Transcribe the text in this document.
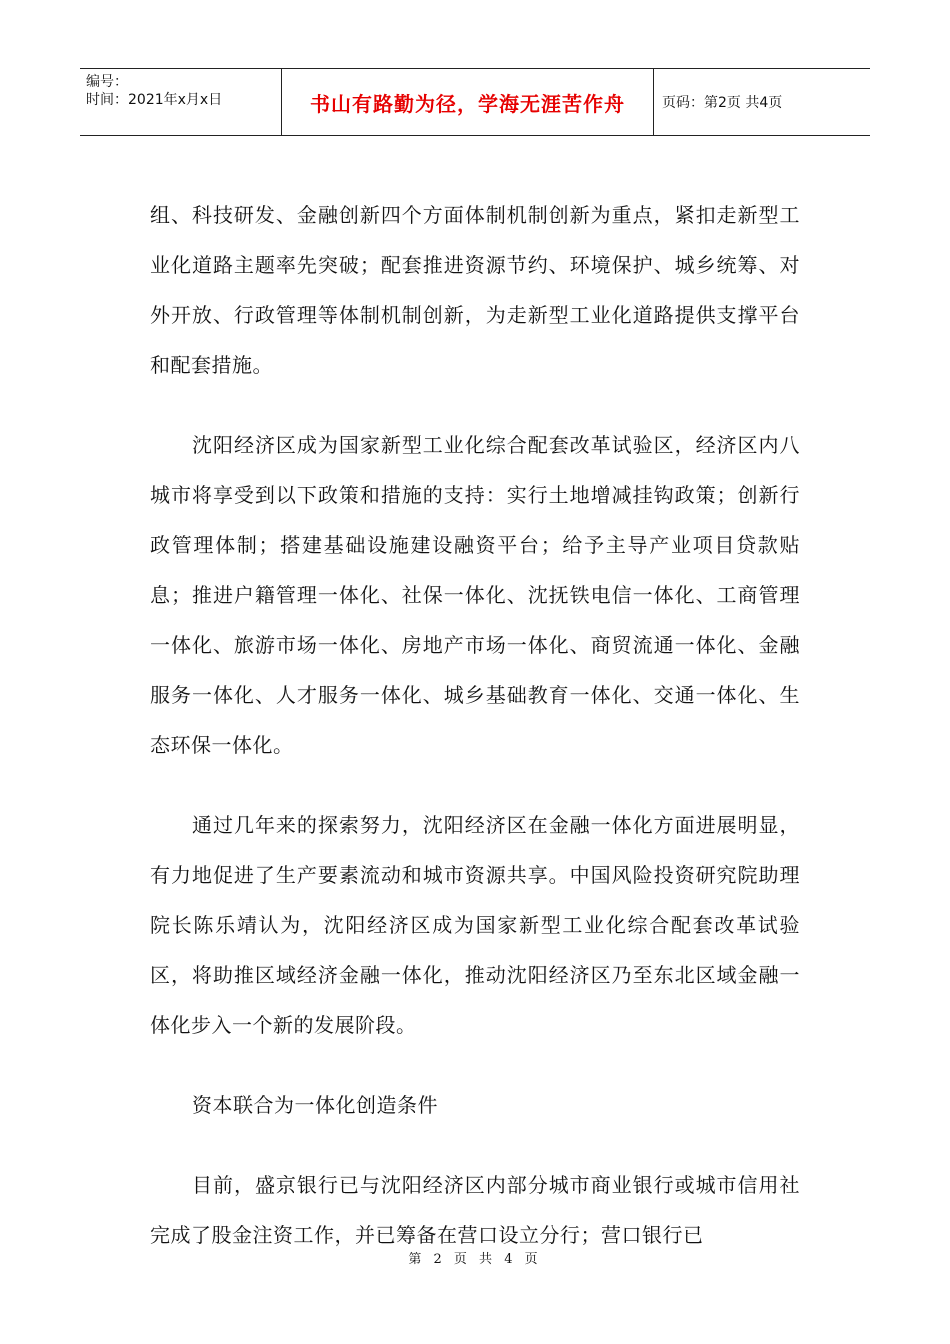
编号：
时间：2021年x月x日	书山有路勤为径，学海无涯苦作舟	页码：第2页 共4页

组、科技研发、金融创新四个方面体制机制创新为重点，紧扣走新型工业化道路主题率先突破；配套推进资源节约、环境保护、城乡统筹、对外开放、行政管理等体制机制创新，为走新型工业化道路提供支撑平台和配套措施。

沈阳经济区成为国家新型工业化综合配套改革试验区，经济区内八城市将享受到以下政策和措施的支持：实行土地增减挂钩政策；创新行政管理体制；搭建基础设施建设融资平台；给予主导产业项目贷款贴息；推进户籍管理一体化、社保一体化、沈抚铁电信一体化、工商管理一体化、旅游市场一体化、房地产市场一体化、商贸流通一体化、金融服务一体化、人才服务一体化、城乡基础教育一体化、交通一体化、生态环保一体化。

通过几年来的探索努力，沈阳经济区在金融一体化方面进展明显，有力地促进了生产要素流动和城市资源共享。中国风险投资研究院助理院长陈乐靖认为，沈阳经济区成为国家新型工业化综合配套改革试验区，将助推区域经济金融一体化，推动沈阳经济区乃至东北区域金融一体化步入一个新的发展阶段。

资本联合为一体化创造条件

目前，盛京银行已与沈阳经济区内部分城市商业银行或城市信用社完成了股金注资工作，并已筹备在营口设立分行；营口银行已

第 2 页 共 4 页
